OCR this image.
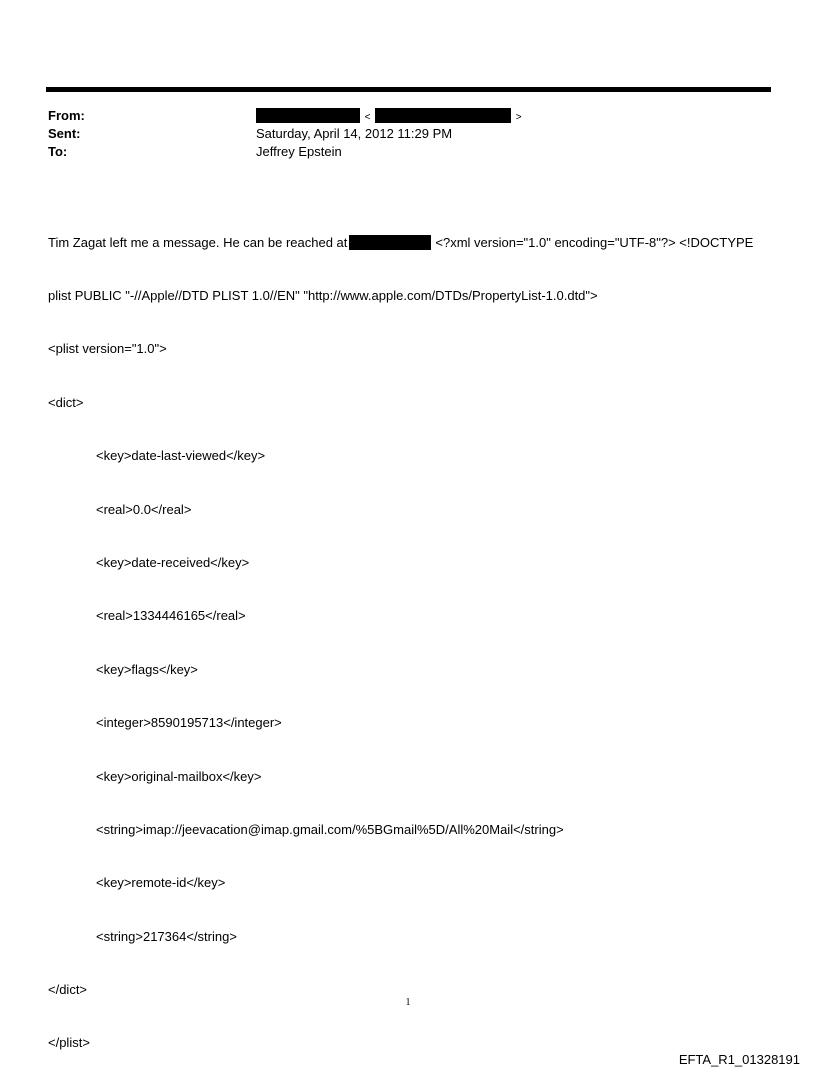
From:
Sent:
To:
<	>
Saturday, April 14, 2012 11:29 PM
Jeffrey Epstein

Tim Zagat left me a message. He can be reached at	<?xml version="1.0" encoding="UTF-8"?> <!DOCTYPE

plist PUBLIC "-//Apple//DTD PLIST 1.0//EN" "http://www.apple.com/DTDs/PropertyList-1.0.dtd">

<plist version="1.0">

<dict>

<key>date-last-viewed</key>

<real>0.0</real>

<key>date-received</key>

<real>1334446165</real>

<key>flags</key>

<integer>8590195713</integer>

<key>original-mailbox</key>

<string>imap://jeevacation@imap.gmail.com/%5BGmail%5D/All%20Mail</string>

<key>remote-id</key>

<string>217364</string>

</dict>

</plist>

1
EFTA_R1_01328191
